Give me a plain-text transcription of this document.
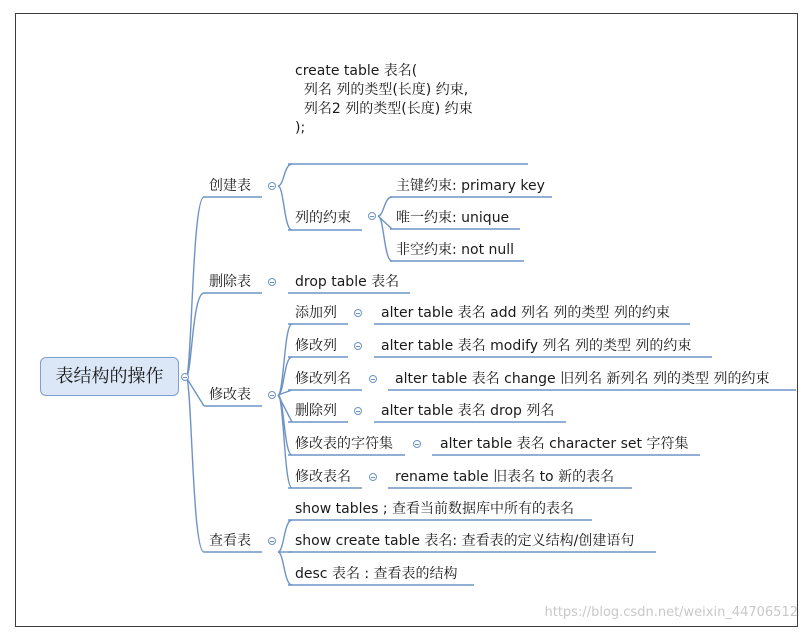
表结构的操作
create table 表名(
列名 列的类型(长度) 约束,
列名2 列的类型(长度) 约束
);
创建表
删除表
修改表
查看表
列的约束
主键约束: primary key
唯一约束: unique
非空约束: not null
drop table 表名
添加列	alter table 表名 add 列名 列的类型 列的约束
修改列	alter table 表名 modify 列名 列的类型 列的约束
修改列名	alter table 表名 change 旧列名 新列名 列的类型 列的约束
删除列	alter table 表名 drop 列名
修改表的字符集	alter table 表名 character set 字符集
修改表名	rename table 旧表名 to 新的表名
show tables ; 查看当前数据库中所有的表名
show create table 表名: 查看表的定义结构/创建语句
desc 表名 : 查看表的结构
https://blog.csdn.net/weixin_44706512
